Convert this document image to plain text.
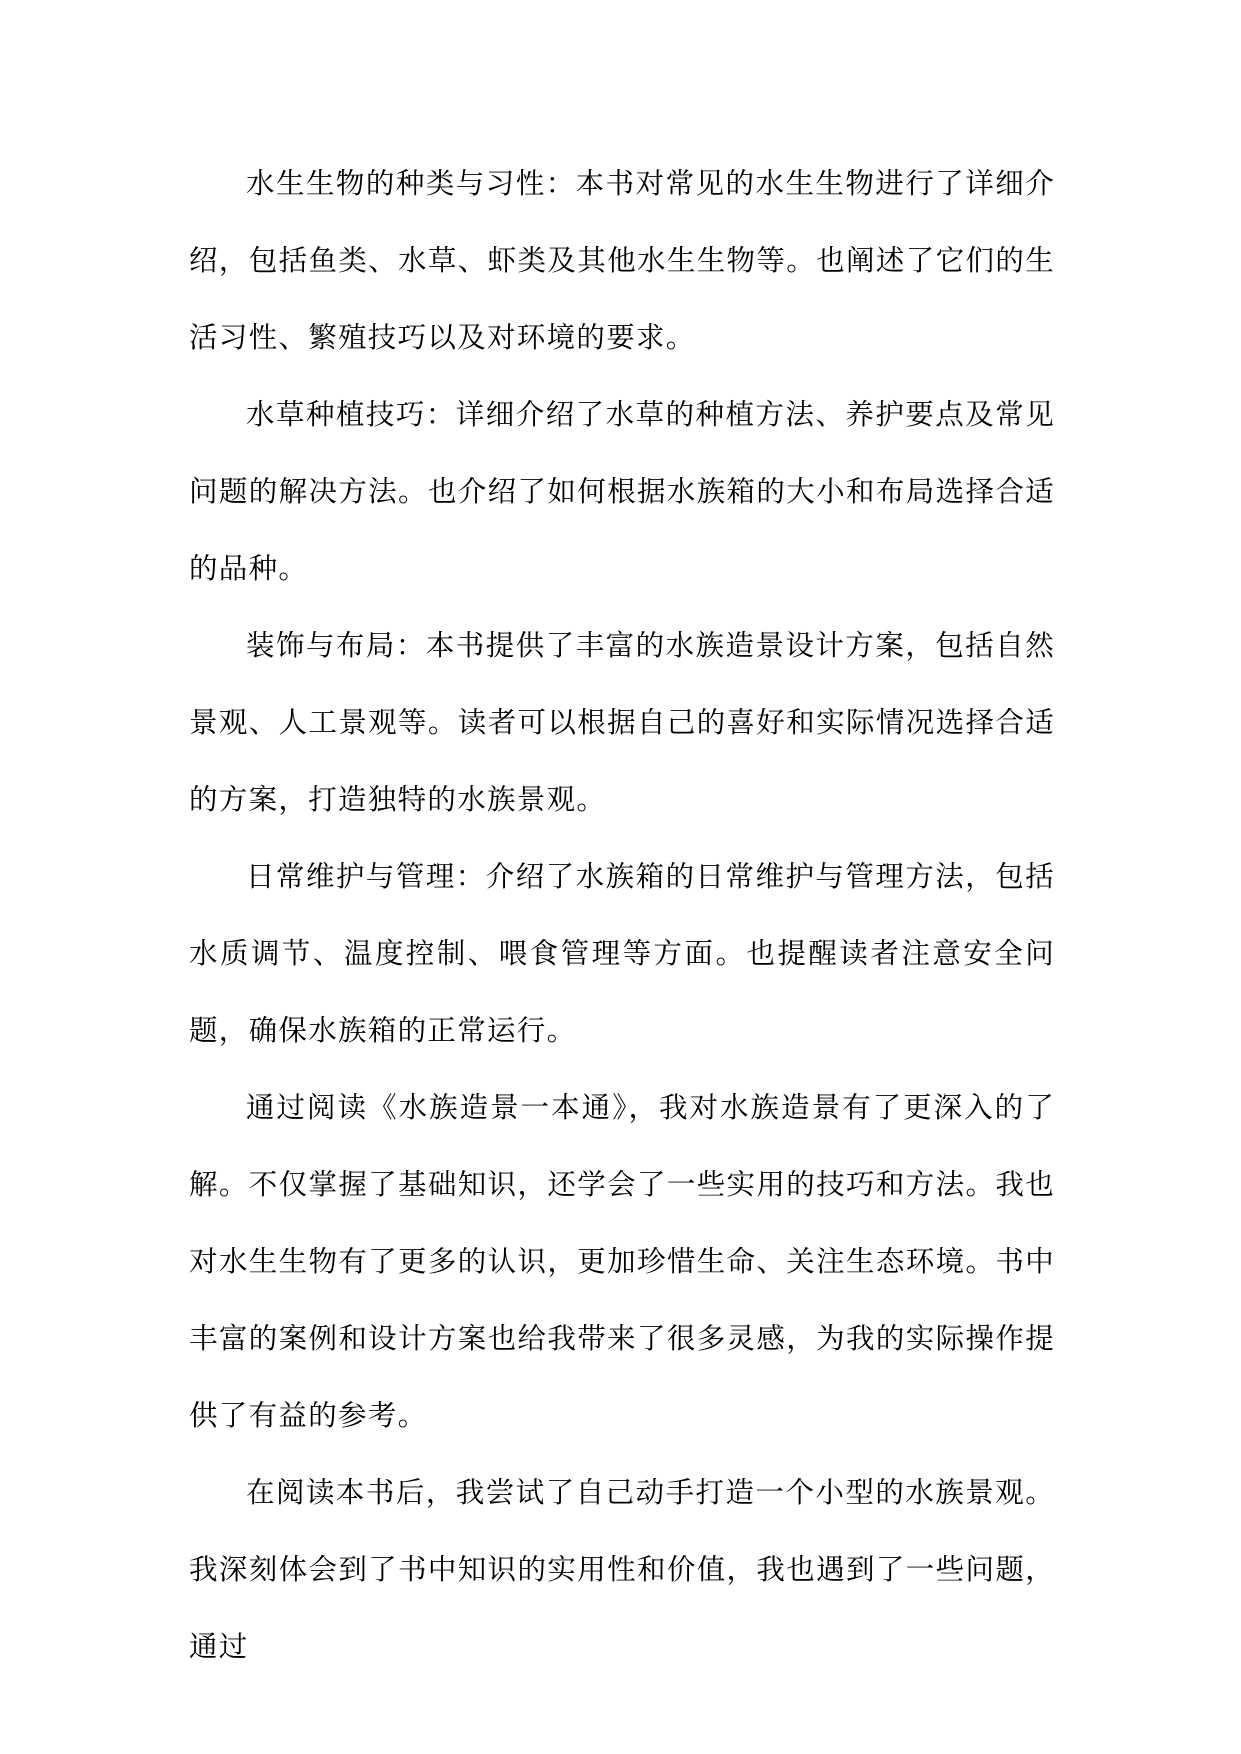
水生生物的种类与习性：本书对常见的水生生物进行了详细介绍，包括鱼类、水草、虾类及其他水生生物等。也阐述了它们的生活习性、繁殖技巧以及对环境的要求。

水草种植技巧：详细介绍了水草的种植方法、养护要点及常见问题的解决方法。也介绍了如何根据水族箱的大小和布局选择合适的品种。

装饰与布局：本书提供了丰富的水族造景设计方案，包括自然景观、人工景观等。读者可以根据自己的喜好和实际情况选择合适的方案，打造独特的水族景观。

日常维护与管理：介绍了水族箱的日常维护与管理方法，包括水质调节、温度控制、喂食管理等方面。也提醒读者注意安全问题，确保水族箱的正常运行。

通过阅读《水族造景一本通》，我对水族造景有了更深入的了解。不仅掌握了基础知识，还学会了一些实用的技巧和方法。我也对水生生物有了更多的认识，更加珍惜生命、关注生态环境。书中丰富的案例和设计方案也给我带来了很多灵感，为我的实际操作提供了有益的参考。

在阅读本书后，我尝试了自己动手打造一个小型的水族景观。我深刻体会到了书中知识的实用性和价值，我也遇到了一些问题，通过
